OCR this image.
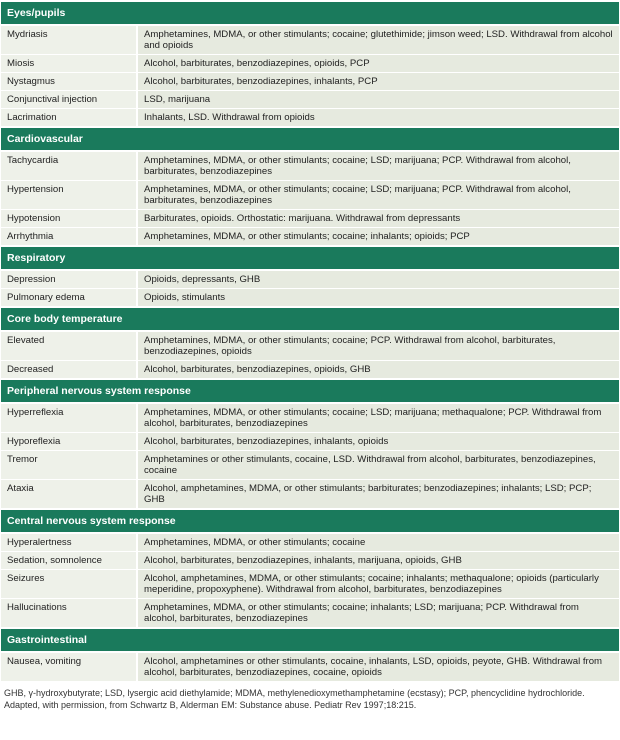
Eyes/pupils	
Mydriasis	Amphetamines, MDMA, or other stimulants; cocaine; glutethimide; jimson weed; LSD. Withdrawal from alcohol and opioids
Miosis	Alcohol, barbiturates, benzodiazepines, opioids, PCP
Nystagmus	Alcohol, barbiturates, benzodiazepines, inhalants, PCP
Conjunctival injection	LSD, marijuana
Lacrimation	Inhalants, LSD. Withdrawal from opioids
Cardiovascular	
Tachycardia	Amphetamines, MDMA, or other stimulants; cocaine; LSD; marijuana; PCP. Withdrawal from alcohol, barbiturates, benzodiazepines
Hypertension	Amphetamines, MDMA, or other stimulants; cocaine; LSD; marijuana; PCP. Withdrawal from alcohol, barbiturates, benzodiazepines
Hypotension	Barbiturates, opioids. Orthostatic: marijuana. Withdrawal from depressants
Arrhythmia	Amphetamines, MDMA, or other stimulants; cocaine; inhalants; opioids; PCP
Respiratory	
Depression	Opioids, depressants, GHB
Pulmonary edema	Opioids, stimulants
Core body temperature	
Elevated	Amphetamines, MDMA, or other stimulants; cocaine; PCP. Withdrawal from alcohol, barbiturates, benzodiazepines, opioids
Decreased	Alcohol, barbiturates, benzodiazepines, opioids, GHB
Peripheral nervous system response	
Hyperreflexia	Amphetamines, MDMA, or other stimulants; cocaine; LSD; marijuana; methaqualone; PCP. Withdrawal from alcohol, barbiturates, benzodiazepines
Hyporeflexia	Alcohol, barbiturates, benzodiazepines, inhalants, opioids
Tremor	Amphetamines or other stimulants, cocaine, LSD. Withdrawal from alcohol, barbiturates, benzodiazepines, cocaine
Ataxia	Alcohol, amphetamines, MDMA, or other stimulants; barbiturates; benzodiazepines; inhalants; LSD; PCP; GHB
Central nervous system response	
Hyperalertness	Amphetamines, MDMA, or other stimulants; cocaine
Sedation, somnolence	Alcohol, barbiturates, benzodiazepines, inhalants, marijuana, opioids, GHB
Seizures	Alcohol, amphetamines, MDMA, or other stimulants; cocaine; inhalants; methaqualone; opioids (particularly meperidine, propoxyphene). Withdrawal from alcohol, barbiturates, benzodiazepines
Hallucinations	Amphetamines, MDMA, or other stimulants; cocaine; inhalants; LSD; marijuana; PCP. Withdrawal from alcohol, barbiturates, benzodiazepines
Gastrointestinal	
Nausea, vomiting	Alcohol, amphetamines or other stimulants, cocaine, inhalants, LSD, opioids, peyote, GHB. Withdrawal from alcohol, barbiturates, benzodiazepines, cocaine, opioids
GHB, γ-hydroxybutyrate; LSD, lysergic acid diethylamide; MDMA, methylenedioxymethamphetamine (ecstasy); PCP, phencyclidine hydrochloride. Adapted, with permission, from Schwartz B, Alderman EM: Substance abuse. Pediatr Rev 1997;18:215.
